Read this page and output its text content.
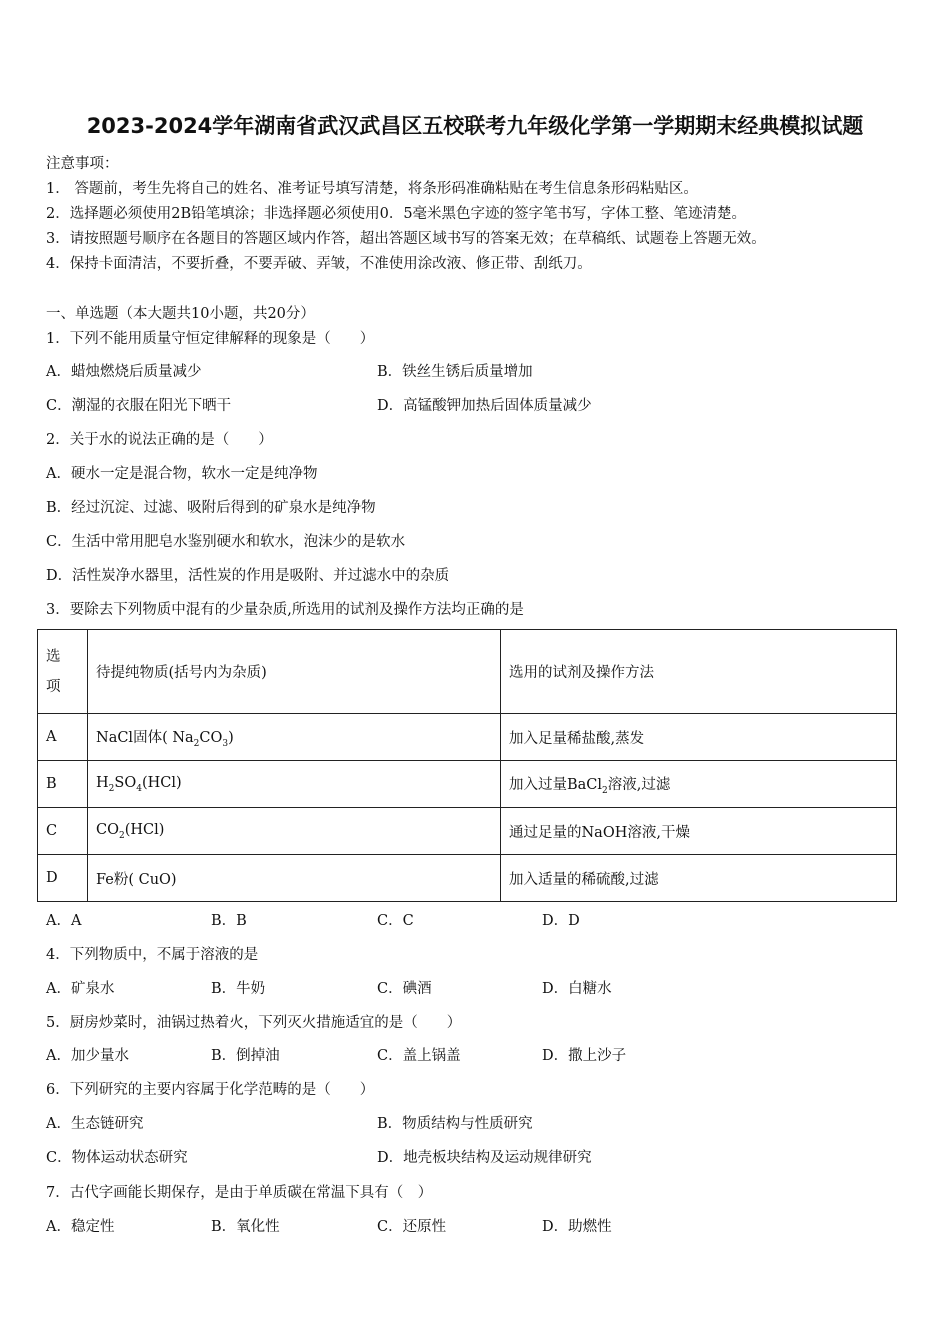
2023-2024学年湖南省武汉武昌区五校联考九年级化学第一学期期末经典模拟试题
注意事项：
1． 答题前，考生先将自己的姓名、准考证号填写清楚，将条形码准确粘贴在考生信息条形码粘贴区。
2．选择题必须使用2B铅笔填涂；非选择题必须使用0．5毫米黑色字迹的签字笔书写，字体工整、笔迹清楚。
3．请按照题号顺序在各题目的答题区域内作答，超出答题区域书写的答案无效；在草稿纸、试题卷上答题无效。
4．保持卡面清洁，不要折叠，不要弄破、弄皱，不准使用涂改液、修正带、刮纸刀。
一、单选题（本大题共10小题，共20分）
1．下列不能用质量守恒定律解释的现象是（　　）
A．蜡烛燃烧后质量减少	B．铁丝生锈后质量增加
C．潮湿的衣服在阳光下晒干	D．高锰酸钾加热后固体质量减少
2．关于水的说法正确的是（　　）
A．硬水一定是混合物，软水一定是纯净物
B．经过沉淀、过滤、吸附后得到的矿泉水是纯净物
C．生活中常用肥皂水鉴别硬水和软水，泡沫少的是软水
D．活性炭净水器里，活性炭的作用是吸附、并过滤水中的杂质
3．要除去下列物质中混有的少量杂质,所选用的试剂及操作方法均正确的是
选
项	待提纯物质(括号内为杂质)	选用的试剂及操作方法
A	NaCl固体( $Na_2CO_3$)	加入足量稀盐酸,蒸发
B	$H_2SO_4(HCl)$	加入过量BaCl$_2$溶液,过滤
C	$CO_2(HCl)$	通过足量的NaOH溶液,干燥
D	Fe粉( CuO)	加入适量的稀硫酸,过滤
A．A	B．B	C．C	D．D
4．下列物质中，不属于溶液的是
A．矿泉水	B．牛奶	C．碘酒	D．白糖水
5．厨房炒菜时，油锅过热着火，下列灭火措施适宜的是（　　）
A．加少量水	B．倒掉油	C．盖上锅盖	D．撒上沙子
6．下列研究的主要内容属于化学范畴的是（　　）
A．生态链研究	B．物质结构与性质研究
C．物体运动状态研究	D．地壳板块结构及运动规律研究
7．古代字画能长期保存，是由于单质碳在常温下具有（　）
A．稳定性	B．氧化性	C．还原性	D．助燃性
